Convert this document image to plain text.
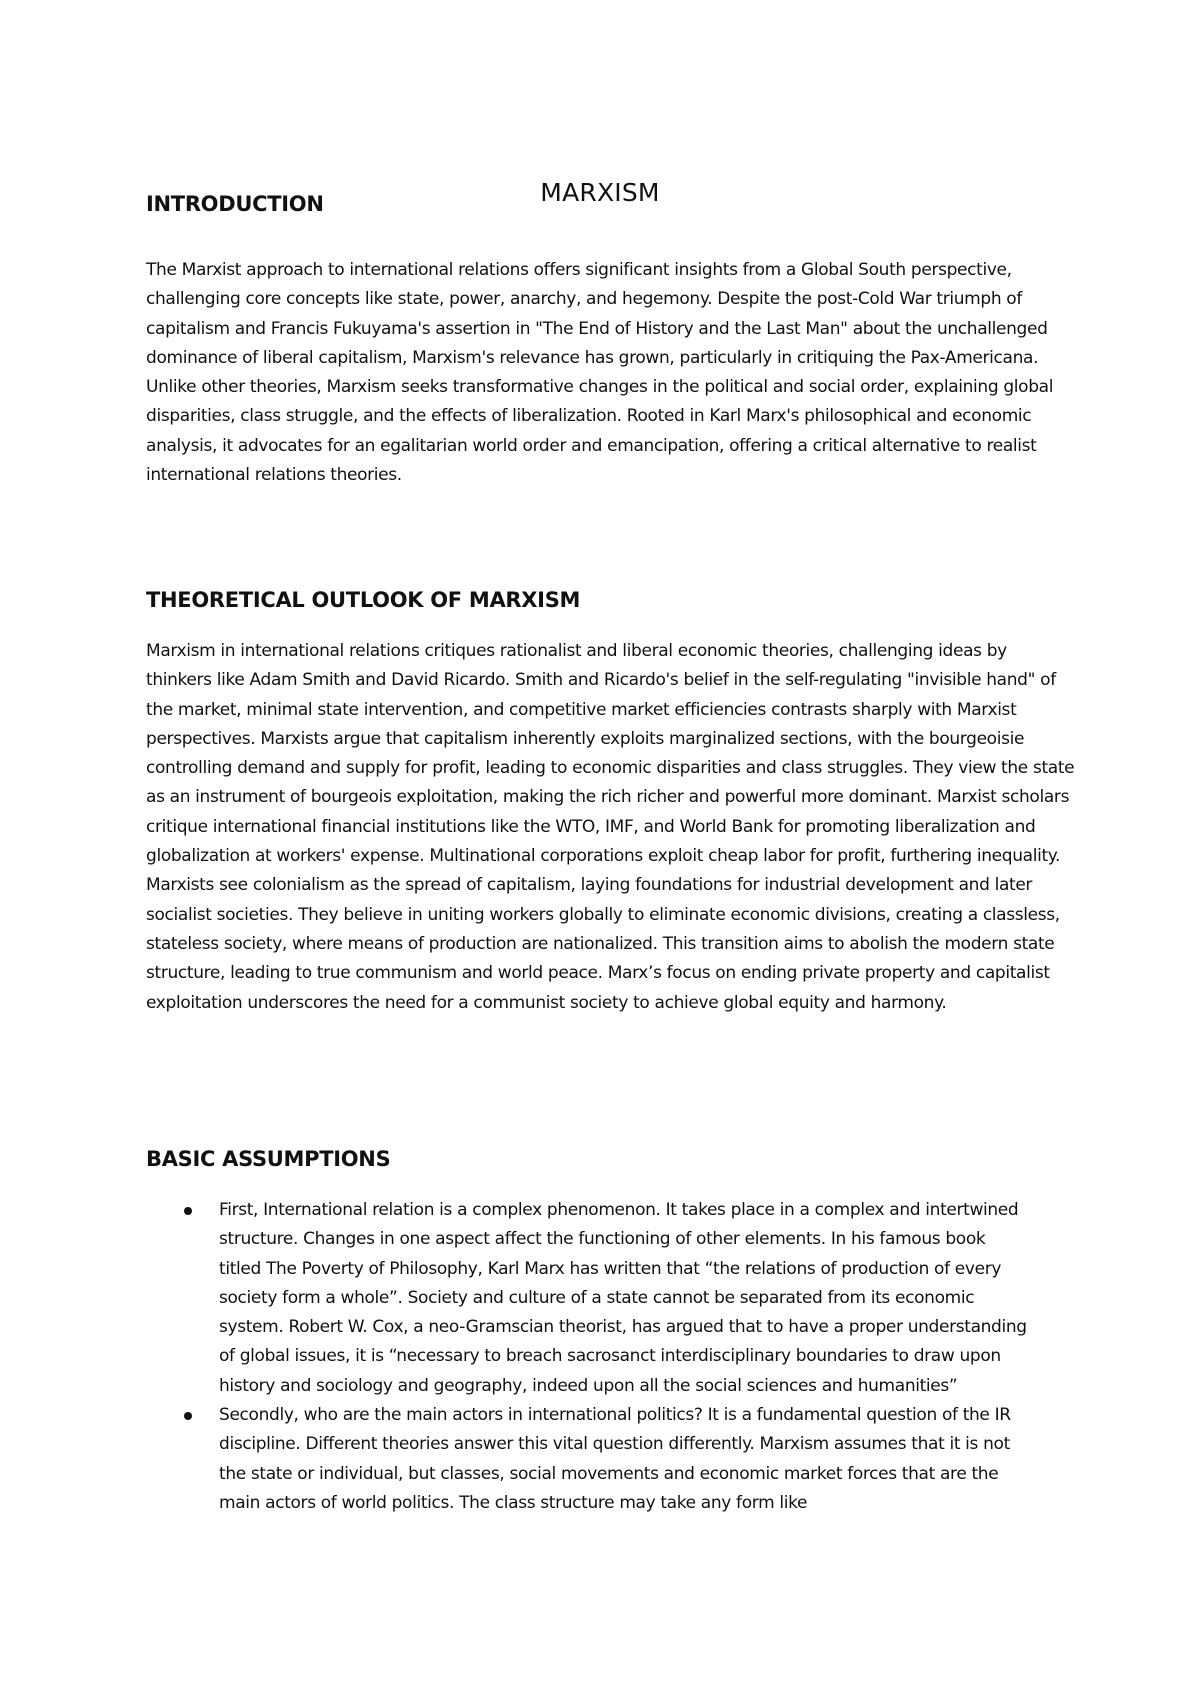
MARXISM
INTRODUCTION

The Marxist approach to international relations offers significant insights from a Global South perspective, challenging core concepts like state, power, anarchy, and hegemony. Despite the post-Cold War triumph of capitalism and Francis Fukuyama's assertion in "The End of History and the Last Man" about the unchallenged dominance of liberal capitalism, Marxism's relevance has grown, particularly in critiquing the Pax-Americana. Unlike other theories, Marxism seeks transformative changes in the political and social order, explaining global disparities, class struggle, and the effects of liberalization. Rooted in Karl Marx's philosophical and economic analysis, it advocates for an egalitarian world order and emancipation, offering a critical alternative to realist international relations theories.

THEORETICAL OUTLOOK OF MARXISM

Marxism in international relations critiques rationalist and liberal economic theories, challenging ideas by thinkers like Adam Smith and David Ricardo. Smith and Ricardo's belief in the self-regulating "invisible hand" of the market, minimal state intervention, and competitive market efficiencies contrasts sharply with Marxist perspectives. Marxists argue that capitalism inherently exploits marginalized sections, with the bourgeoisie controlling demand and supply for profit, leading to economic disparities and class struggles. They view the state as an instrument of bourgeois exploitation, making the rich richer and powerful more dominant. Marxist scholars critique international financial institutions like the WTO, IMF, and World Bank for promoting liberalization and globalization at workers' expense. Multinational corporations exploit cheap labor for profit, furthering inequality. Marxists see colonialism as the spread of capitalism, laying foundations for industrial development and later socialist societies. They believe in uniting workers globally to eliminate economic divisions, creating a classless, stateless society, where means of production are nationalized. This transition aims to abolish the modern state structure, leading to true communism and world peace. Marx’s focus on ending private property and capitalist exploitation underscores the need for a communist society to achieve global equity and harmony.

BASIC ASSUMPTIONS
First, International relation is a complex phenomenon. It takes place in a complex and intertwined structure. Changes in one aspect affect the functioning of other elements. In his famous book titled The Poverty of Philosophy, Karl Marx has written that “the relations of production of every society form a whole”. Society and culture of a state cannot be separated from its economic system. Robert W. Cox, a neo-Gramscian theorist, has argued that to have a proper understanding of global issues, it is “necessary to breach sacrosanct interdisciplinary boundaries to draw upon history and sociology and geography, indeed upon all the social sciences and humanities”
Secondly, who are the main actors in international politics? It is a fundamental question of the IR discipline. Different theories answer this vital question differently. Marxism assumes that it is not the state or individual, but classes, social movements and economic market forces that are the main actors of world politics. The class structure may take any form like
